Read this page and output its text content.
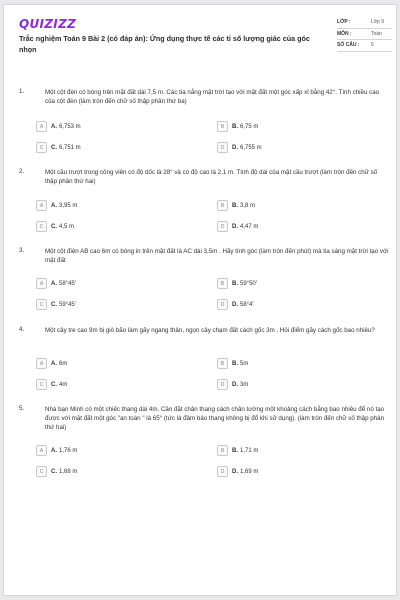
QUIZIZZ
Trắc nghiệm Toán 9 Bài 2 (có đáp án): Ứng dụng thực tế các tỉ số lượng giác của góc nhọn
LỚP :	Lớp 9
MÔN :	Toán
SỐ CÂU :	5
1.	Một cột đèn có bóng trên mặt đất dài 7,5 m. Các tia nắng mặt trời tạo với mặt đất một góc xấp xỉ bằng 42°. Tính chiều cao của cột đèn (làm tròn đến chữ số thập phân thứ ba)
A	A. 6,753 m	B	B. 6,75 m
C	C. 6,751 m	D	D. 6,755 m
2.	Một cầu trượt trong công viên có độ dốc là 28° và có độ cao là 2,1 m. Tính độ dài của mặt cầu trượt (làm tròn đến chữ số thập phân thứ hai)
A	A. 3,95 m	B	B. 3,8 m
C	C. 4,5 m	D	D. 4,47 m
3.	Một cột điện AB cao 6m có bóng in trên mặt đất là AC dài 3,5m . Hãy tính góc (làm tròn đến phút) mà tia sáng mặt trời tạo với mặt đất
A	A. 58°45'	B	B. 59°50'
C	C. 59°45'	D	D. 58°4'
4.	Một cây tre cao 9m bị gió bão làm gãy ngang thân, ngọn cây chạm đất cách gốc 3m . Hỏi điểm gãy cách gốc bao nhiêu?
A	A. 6m	B	B. 5m
C	C. 4m	D	D. 3m
5.	Nhà bạn Minh có một chiếc thang dài 4m. Cần đặt chân thang cách chân tường một khoảng cách bằng bao nhiêu để nó tạo được với mặt đất một góc "an toàn " là 65° (tức là đảm bảo thang không bị đổ khi sử dụng). (làm tròn đến chữ số thập phân thứ hai)
A	A. 1,76 m	B	B. 1,71 m
C	C. 1,68 m	D	D. 1,69 m
